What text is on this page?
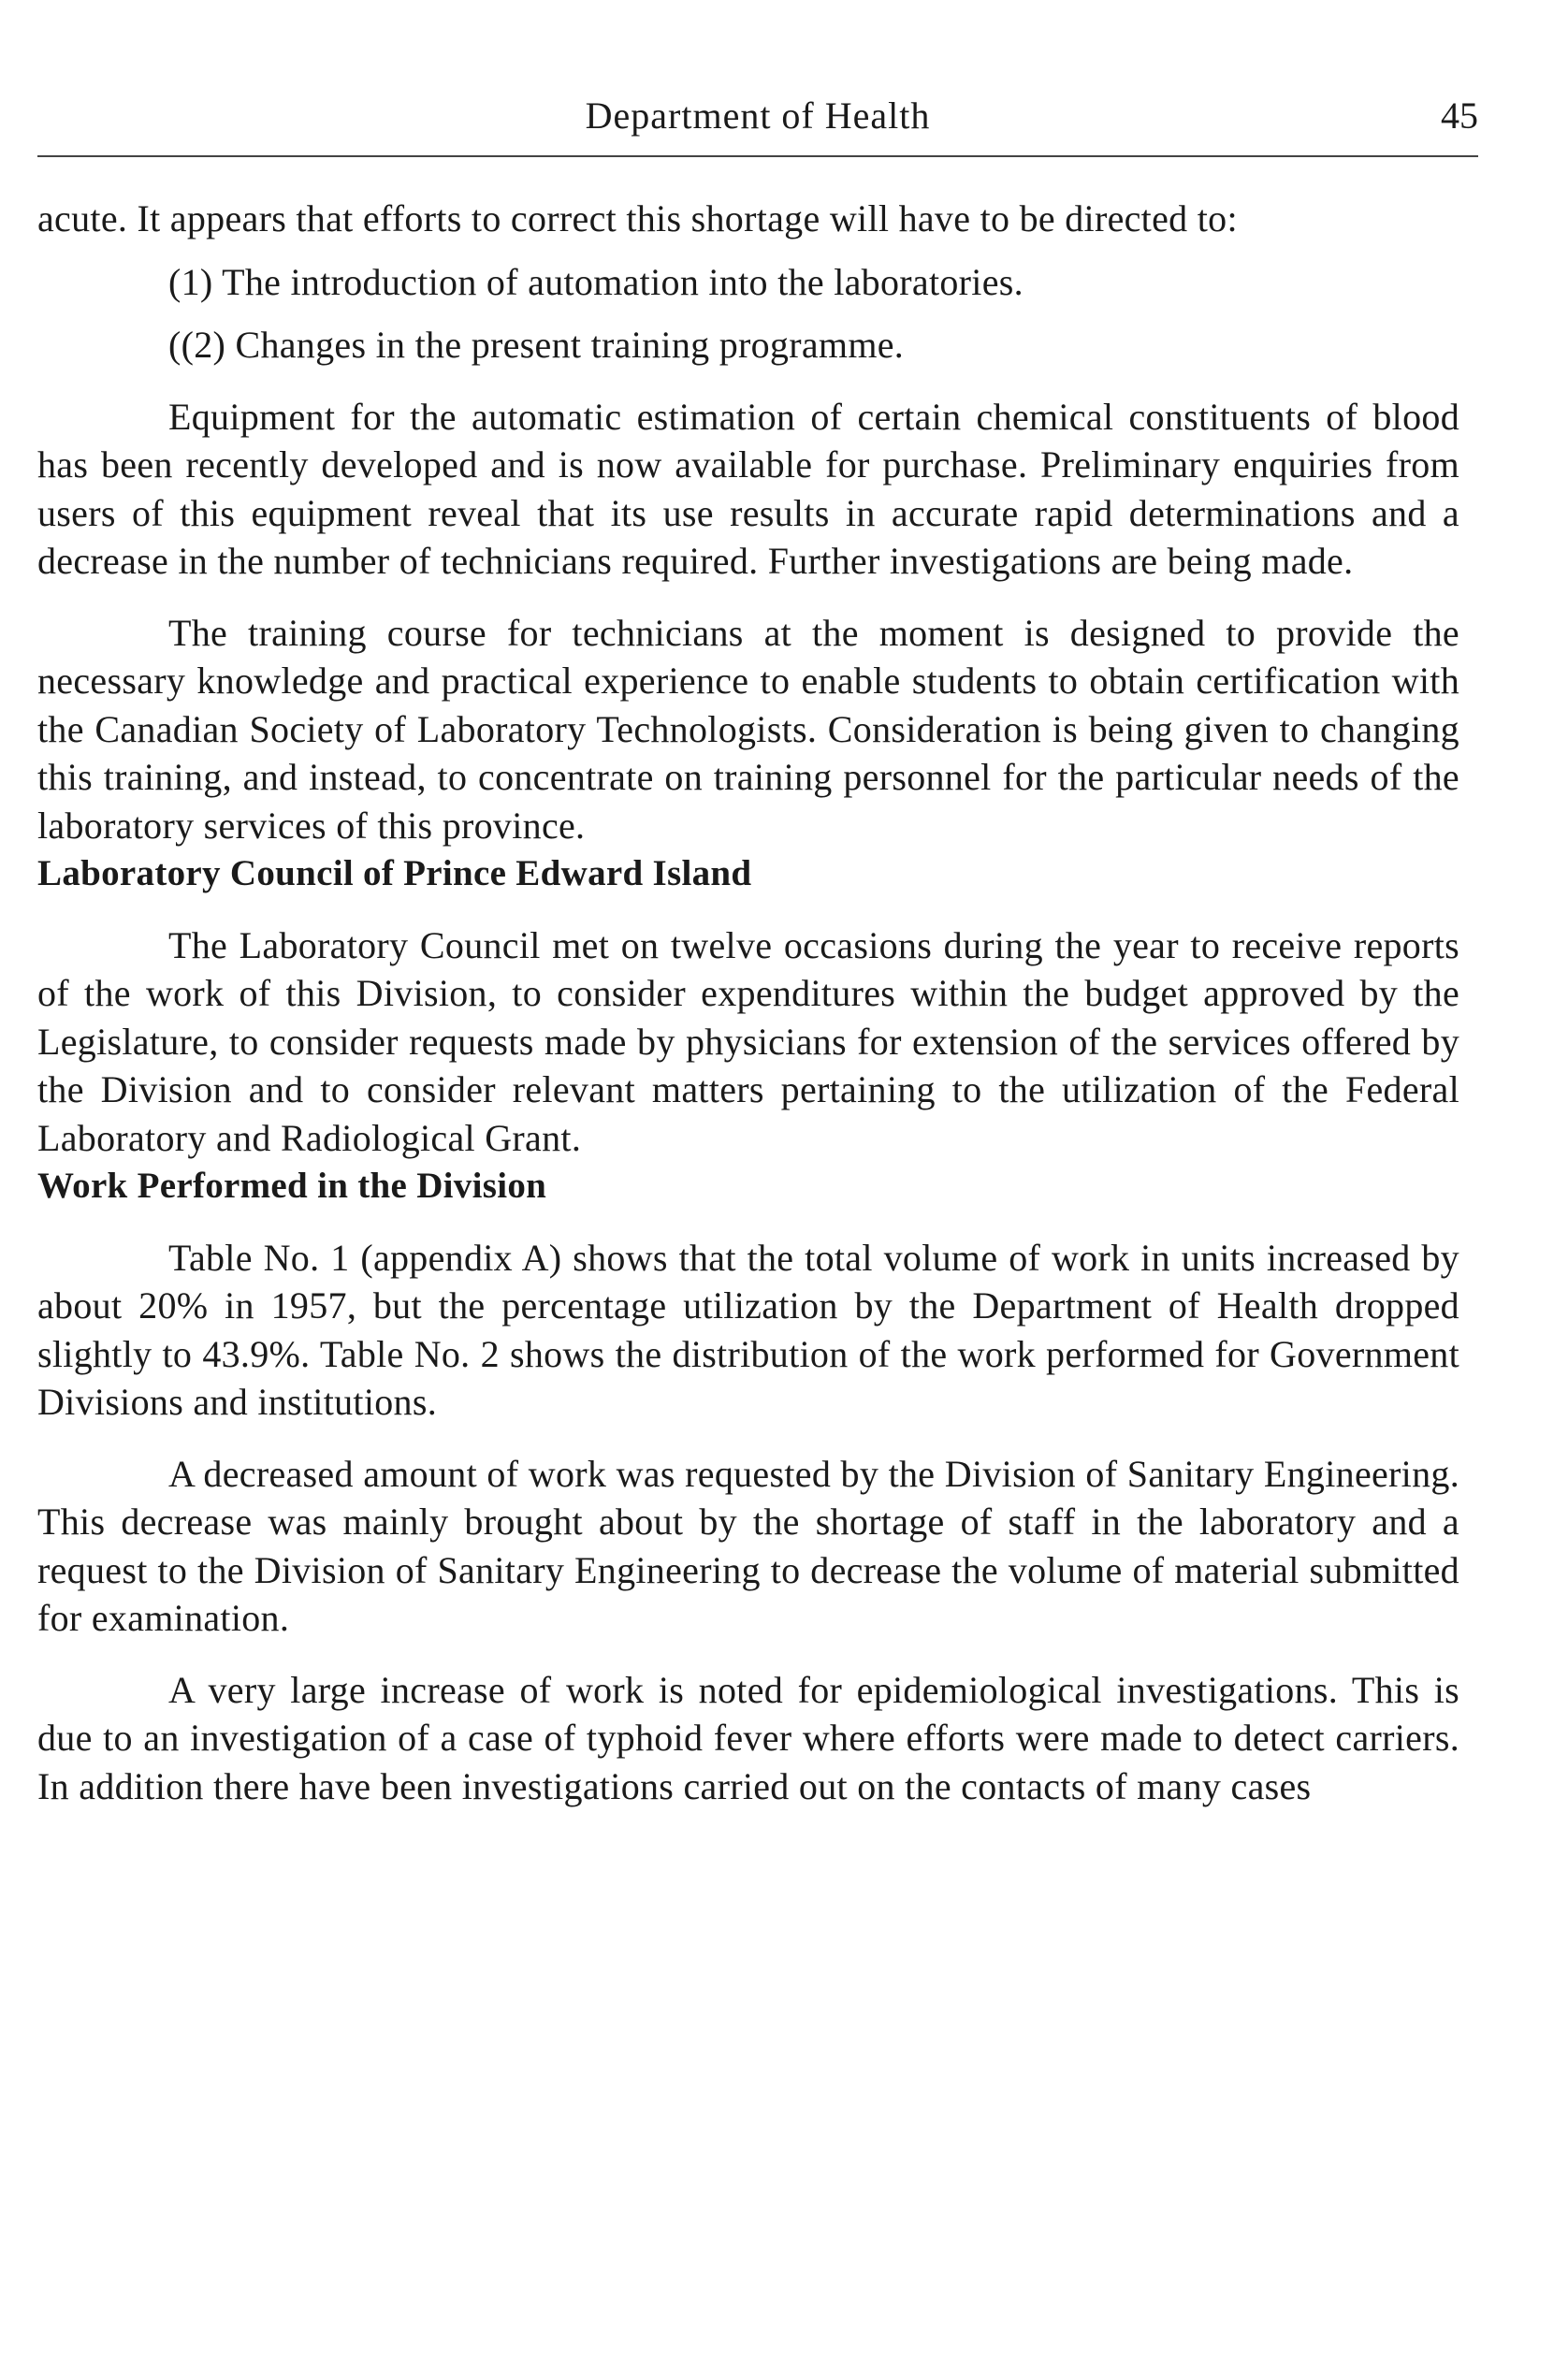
Department of Health	45

acute. It appears that efforts to correct this shortage will have to be directed to:

(1) The introduction of automation into the laboratories.

((2) Changes in the present training programme.

Equipment for the automatic estimation of certain chemical constituents of blood has been recently developed and is now available for purchase. Preliminary enquiries from users of this equipment reveal that its use results in accurate rapid determinations and a decrease in the number of technicians required. Further investigations are being made.

The training course for technicians at the moment is designed to provide the necessary knowledge and practical experience to enable students to obtain certification with the Canadian Society of Laboratory Technologists. Consideration is being given to changing this training, and instead, to concentrate on training personnel for the particular needs of the laboratory services of this province.

Laboratory Council of Prince Edward Island

The Laboratory Council met on twelve occasions during the year to receive reports of the work of this Division, to consider expenditures within the budget approved by the Legislature, to consider requests made by physicians for extension of the services offered by the Division and to consider relevant matters pertaining to the utilization of the Federal Laboratory and Radiological Grant.

Work Performed in the Division

Table No. 1 (appendix A) shows that the total volume of work in units increased by about 20% in 1957, but the percentage utilization by the Department of Health dropped slightly to 43.9%. Table No. 2 shows the distribution of the work performed for Government Divisions and institutions.

A decreased amount of work was requested by the Division of Sanitary Engineering. This decrease was mainly brought about by the shortage of staff in the laboratory and a request to the Division of Sanitary Engineering to decrease the volume of material submitted for examination.

A very large increase of work is noted for epidemiological investigations. This is due to an investigation of a case of typhoid fever where efforts were made to detect carriers. In addition there have been investigations carried out on the contacts of many cases
